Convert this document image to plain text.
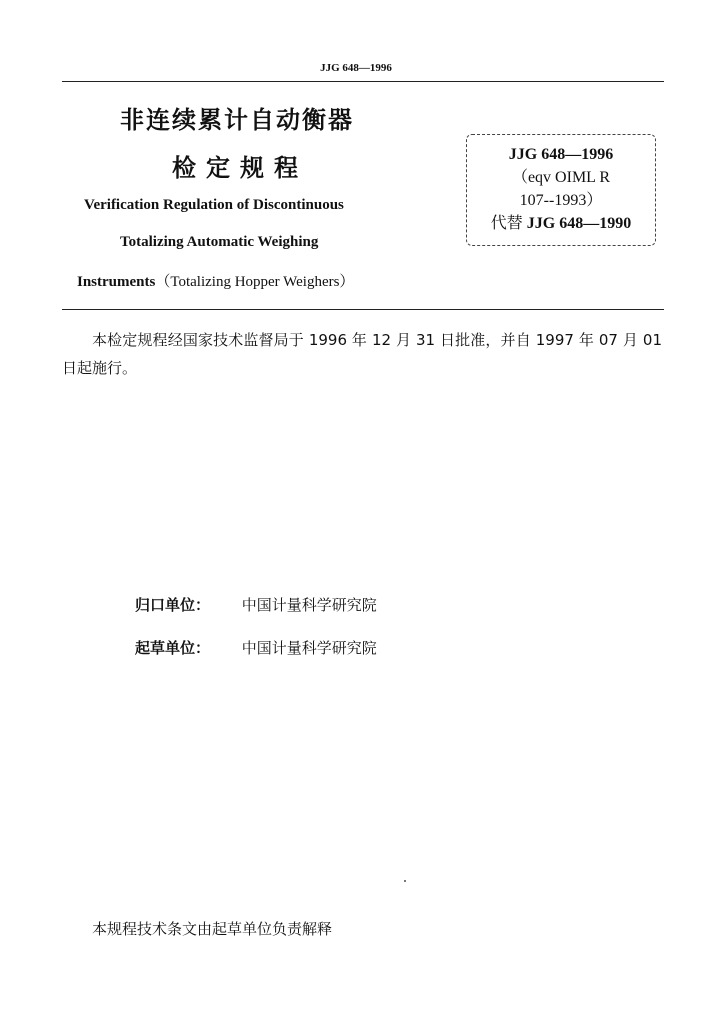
JJG 648—1996
非连续累计自动衡器
检定规程
Verification Regulation of Discontinuous
Totalizing Automatic Weighing
Instruments（Totalizing Hopper Weighers）
JJG 648—1996
（eqv OIML R
107--1993）
代替 JJG 648—1990
本检定规程经国家技术监督局于 1996 年 12 月 31 日批准，并自 1997 年 07 月 01 日起施行。
归口单位： 中国计量科学研究院
起草单位： 中国计量科学研究院
本规程技术条文由起草单位负责解释
